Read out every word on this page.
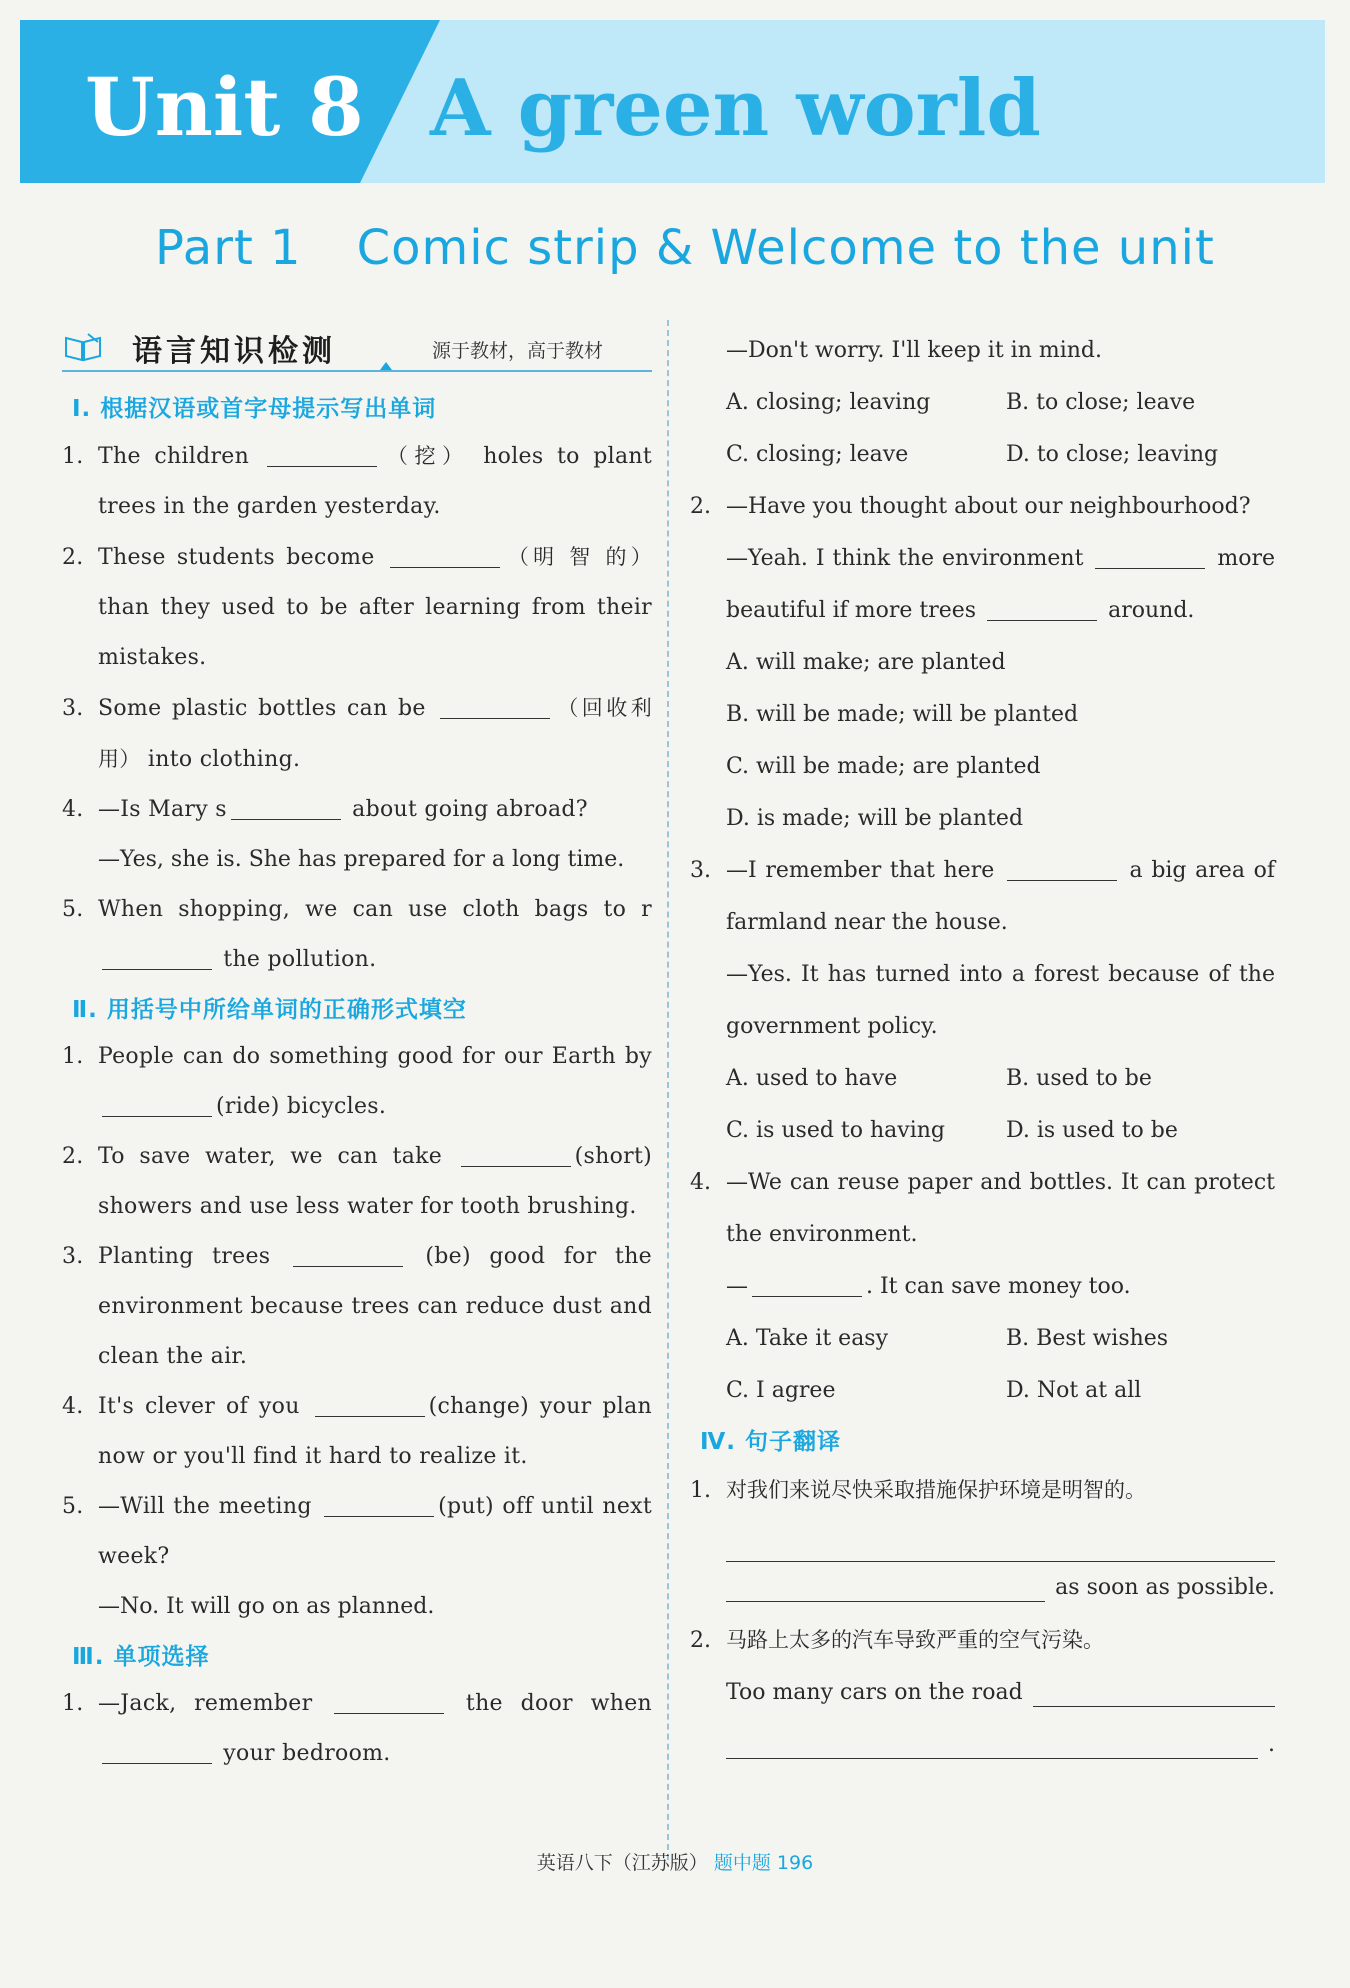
Unit 8 A green world
Part 1 Comic strip & Welcome to the unit
语言知识检测	源于教材，高于教材
Ⅰ. 根据汉语或首字母提示写出单词

1. The children	（挖） holes to plant trees in the garden yesterday.

2. These students become	（明 智 的） than they used to be after learning from their mistakes.

3. Some plastic bottles can be	（回收利用） into clothing.

4. —Is Mary s	about going abroad?

—Yes, she is. She has prepared for a long time.

5. When shopping, we can use cloth bags to r the pollution.

Ⅱ. 用括号中所给单词的正确形式填空

1. People can do something good for our Earth by (ride) bicycles.

2. To save water, we can take	(short) showers and use less water for tooth brushing.

3. Planting trees	(be) good for the environment because trees can reduce dust and clean the air.

4. It's clever of you	(change) your plan now or you'll find it hard to realize it.

5. —Will the meeting	(put) off until next week?

—No. It will go on as planned.

Ⅲ. 单项选择

1. —Jack, remember	the door when  your bedroom.

—Don't worry. I'll keep it in mind.

A. closing; leaving	B. to close; leave
C. closing; leave	D. to close; leaving

2. —Have you thought about our neighbourhood?

—Yeah. I think the environment	more beautiful if more trees	around.

A. will make; are planted

B. will be made; will be planted

C. will be made; are planted

D. is made; will be planted

3. —I remember that here	a big area of farmland near the house.

—Yes. It has turned into a forest because of the government policy.

A. used to have	B. used to be
C. is used to having	D. is used to be

4. —We can reuse paper and bottles. It can protect the environment.

—	. It can save money too.

A. Take it easy	B. Best wishes
C. I agree	D. Not at all
Ⅳ. 句子翻译

1. 对我们来说尽快采取措施保护环境是明智的。

as soon as possible.

2. 马路上太多的汽车导致严重的空气污染。

Too many cars on the road
.
英语八下（江苏版） 题中题 196
